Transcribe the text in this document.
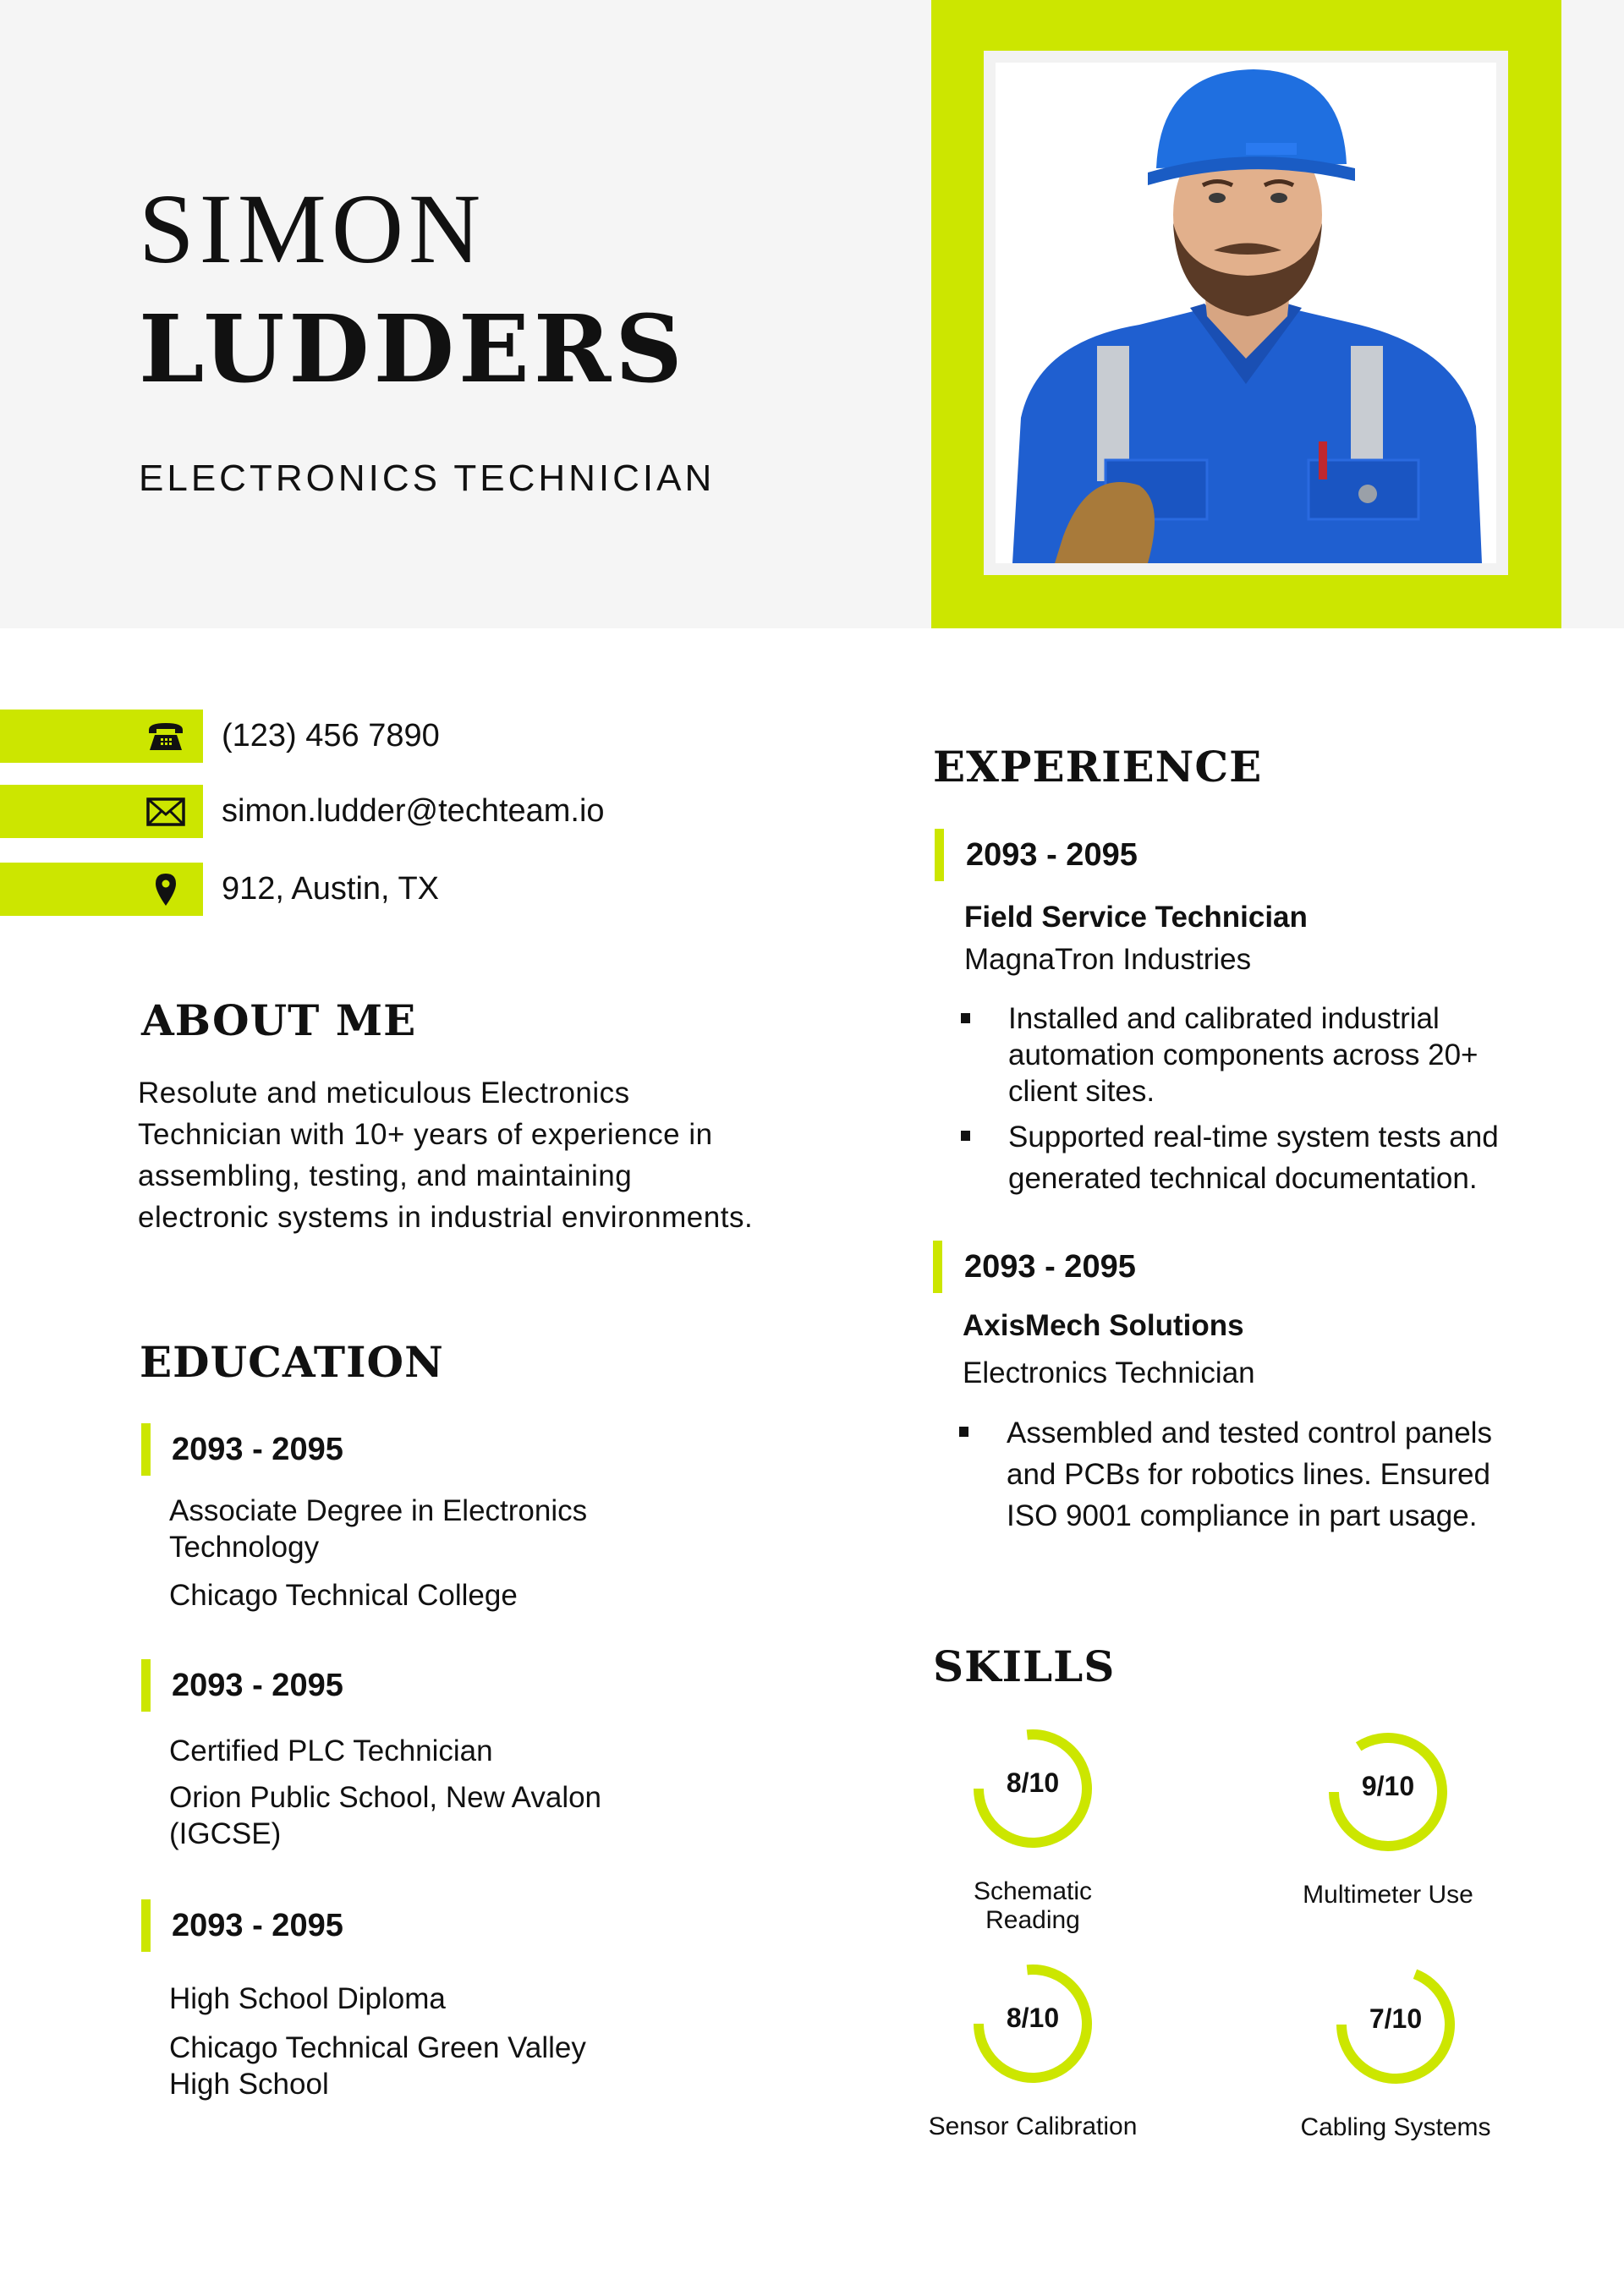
SIMON
LUDDERS
ELECTRONICS TECHNICIAN
(123) 456 7890
simon.ludder@techteam.io
912, Austin, TX
ABOUT ME
Resolute and meticulous Electronics
Technician with 10+ years of experience in
assembling, testing, and maintaining
electronic systems in industrial environments.
EDUCATION
2093 - 2095
Associate Degree in Electronics Technology
Chicago Technical College
2093 - 2095
Certified PLC Technician
Orion Public School, New Avalon (IGCSE)
2093 - 2095
High School Diploma
Chicago Technical Green Valley High School
EXPERIENCE
2093 - 2095
Field Service Technician
MagnaTron Industries
Installed and calibrated industrial automation components across 20+ client sites.
Supported real-time system tests and generated technical documentation.
2093 - 2095
AxisMech Solutions
Electronics Technician
Assembled and tested control panels and PCBs for robotics lines. Ensured ISO 9001 compliance in part usage.
SKILLS
8/10
Schematic Reading
9/10
Multimeter Use
8/10
Sensor Calibration
7/10
Cabling Systems
